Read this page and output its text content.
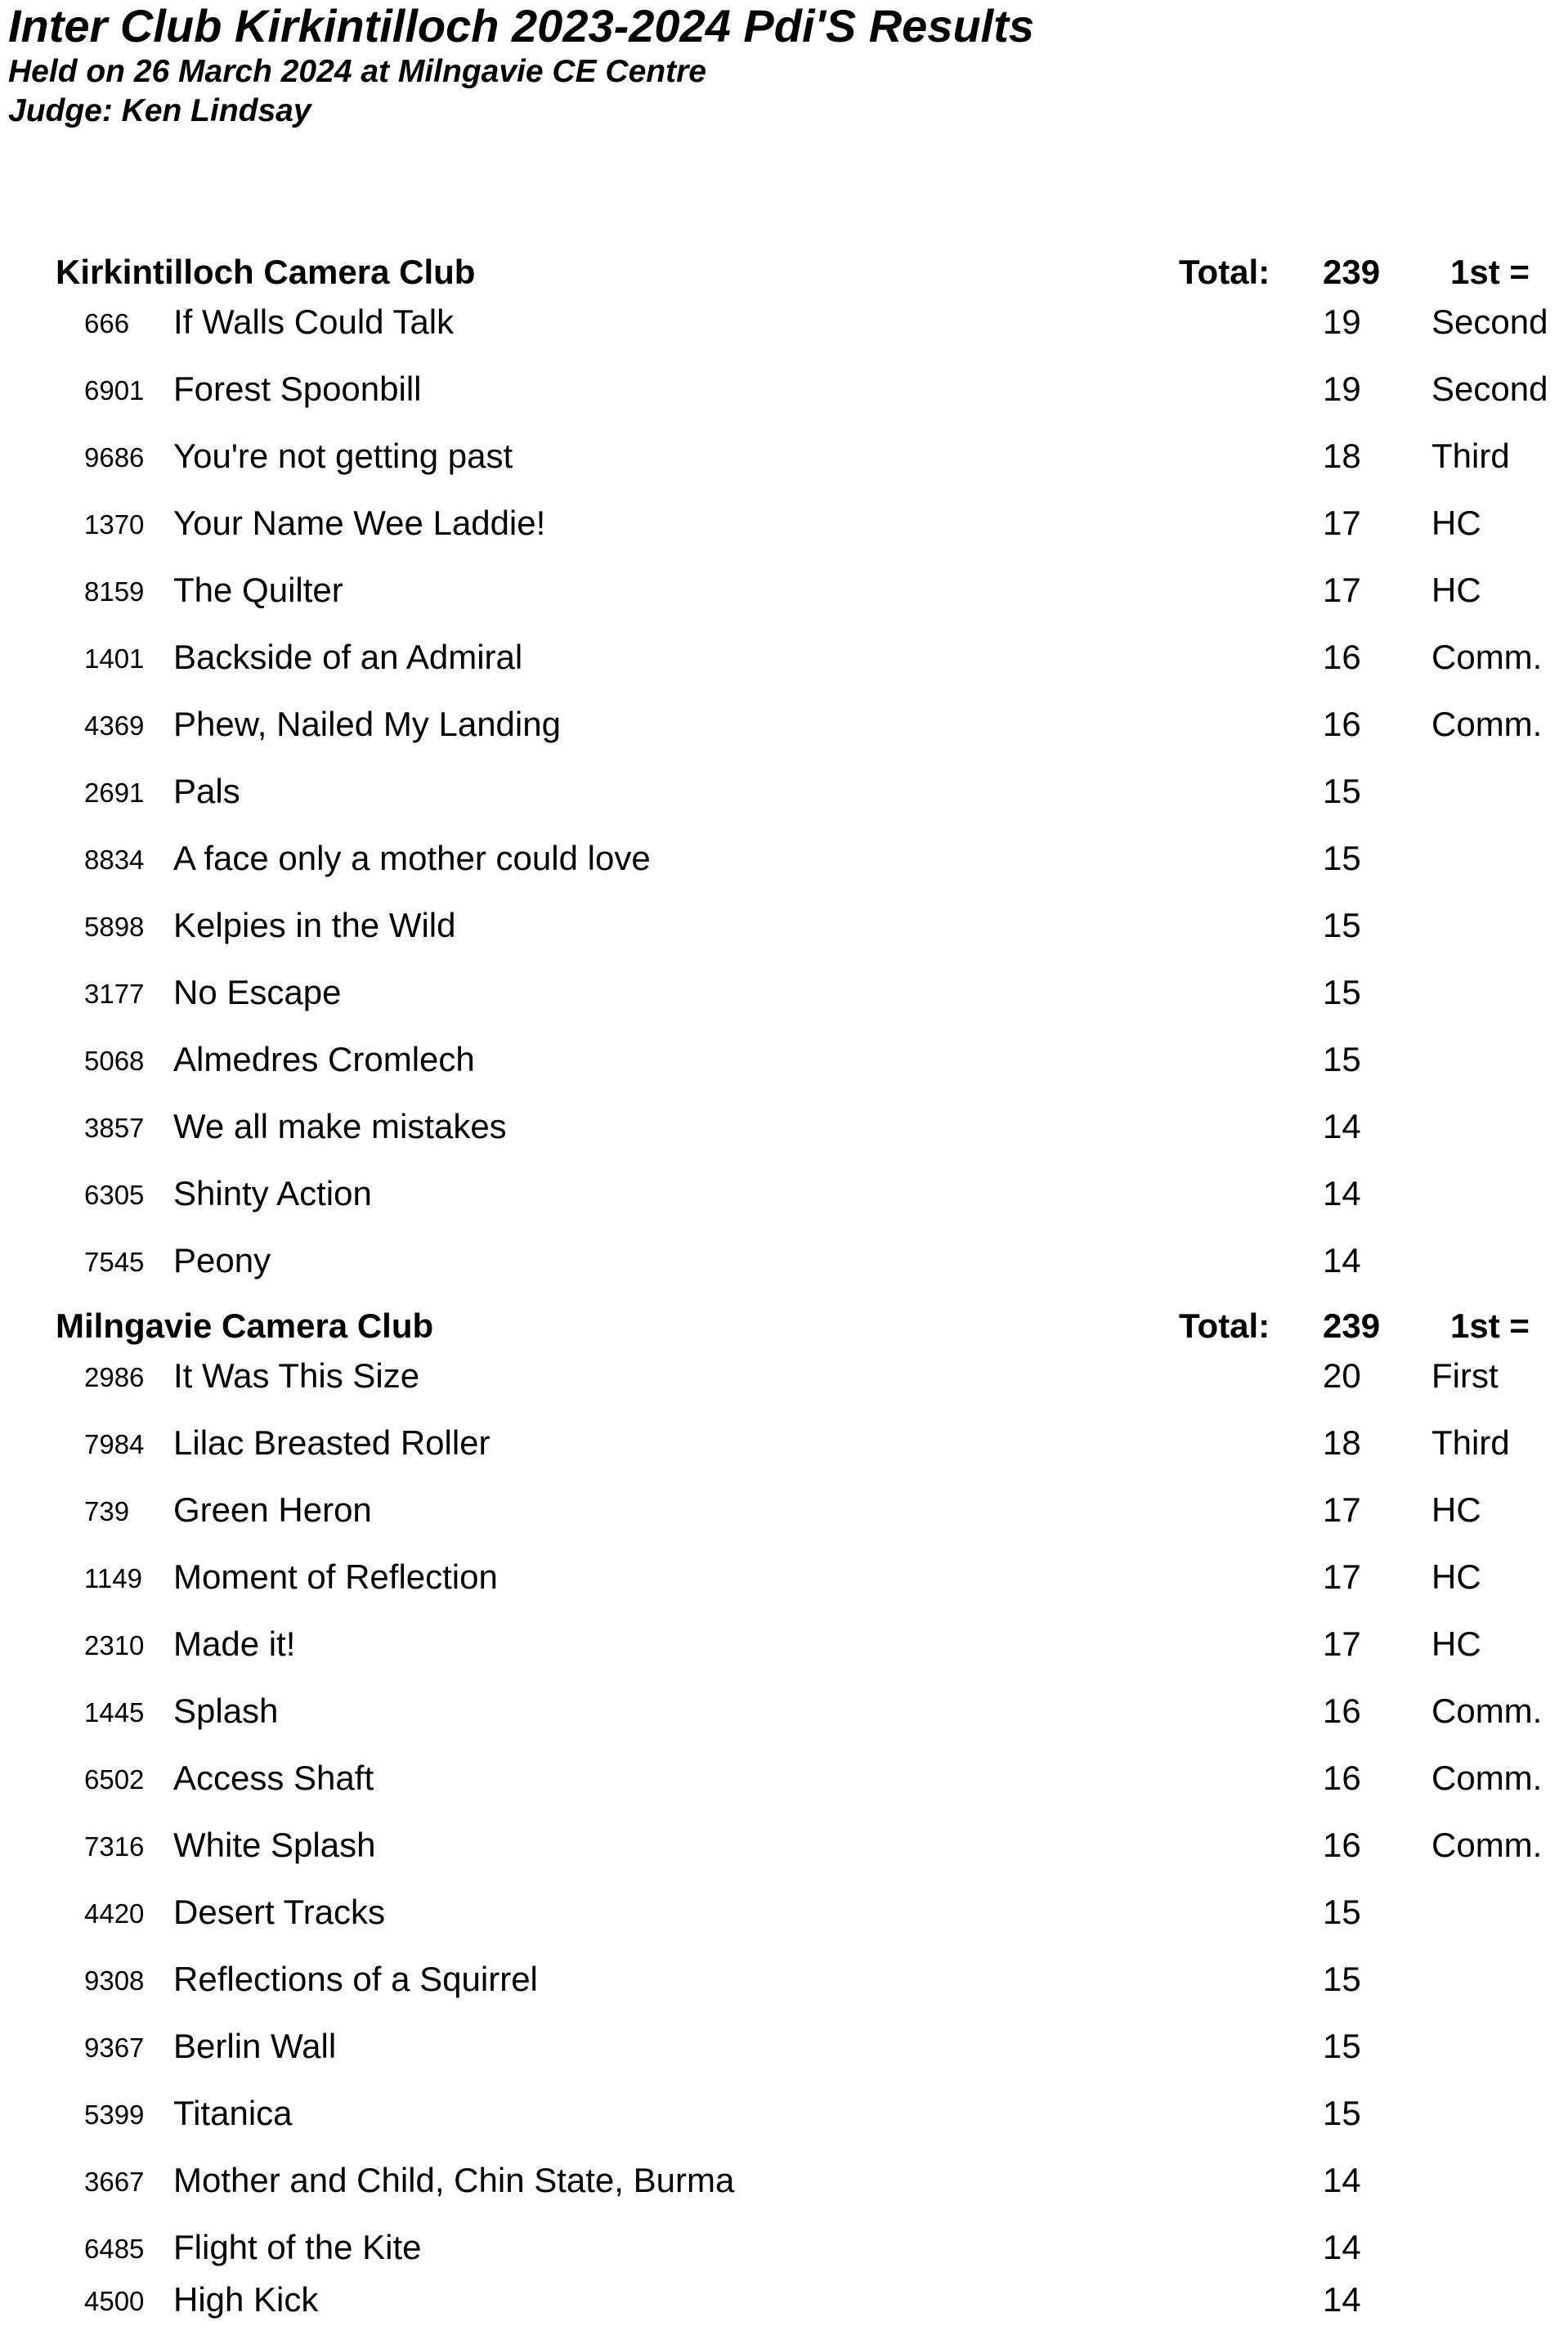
Inter Club Kirkintilloch 2023-2024 Pdi'S Results
Held on 26 March 2024 at Milngavie CE Centre
Judge: Ken Lindsay
Kirkintilloch Camera Club	Total: 239 1st =
666 If Walls Could Talk	19 Second
6901 Forest Spoonbill	19 Second
9686 You're not getting past	18 Third
1370 Your Name Wee Laddie!	17 HC
8159 The Quilter	17 HC
1401 Backside of an Admiral	16 Comm.
4369 Phew, Nailed My Landing	16 Comm.
2691 Pals	15
8834 A face only a mother could love	15
5898 Kelpies in the Wild	15
3177 No Escape	15
5068 Almedres Cromlech	15
3857 We all make mistakes	14
6305 Shinty Action	14
7545 Peony	14
Milngavie Camera Club	Total: 239 1st =
2986 It Was This Size	20 First
7984 Lilac Breasted Roller	18 Third
739 Green Heron	17 HC
1149 Moment of Reflection	17 HC
2310 Made it!	17 HC
1445 Splash	16 Comm.
6502 Access Shaft	16 Comm.
7316 White Splash	16 Comm.
4420 Desert Tracks	15
9308 Reflections of a Squirrel	15
9367 Berlin Wall	15
5399 Titanica	15
3667 Mother and Child, Chin State, Burma	14
6485 Flight of the Kite	14
4500 High Kick	14
